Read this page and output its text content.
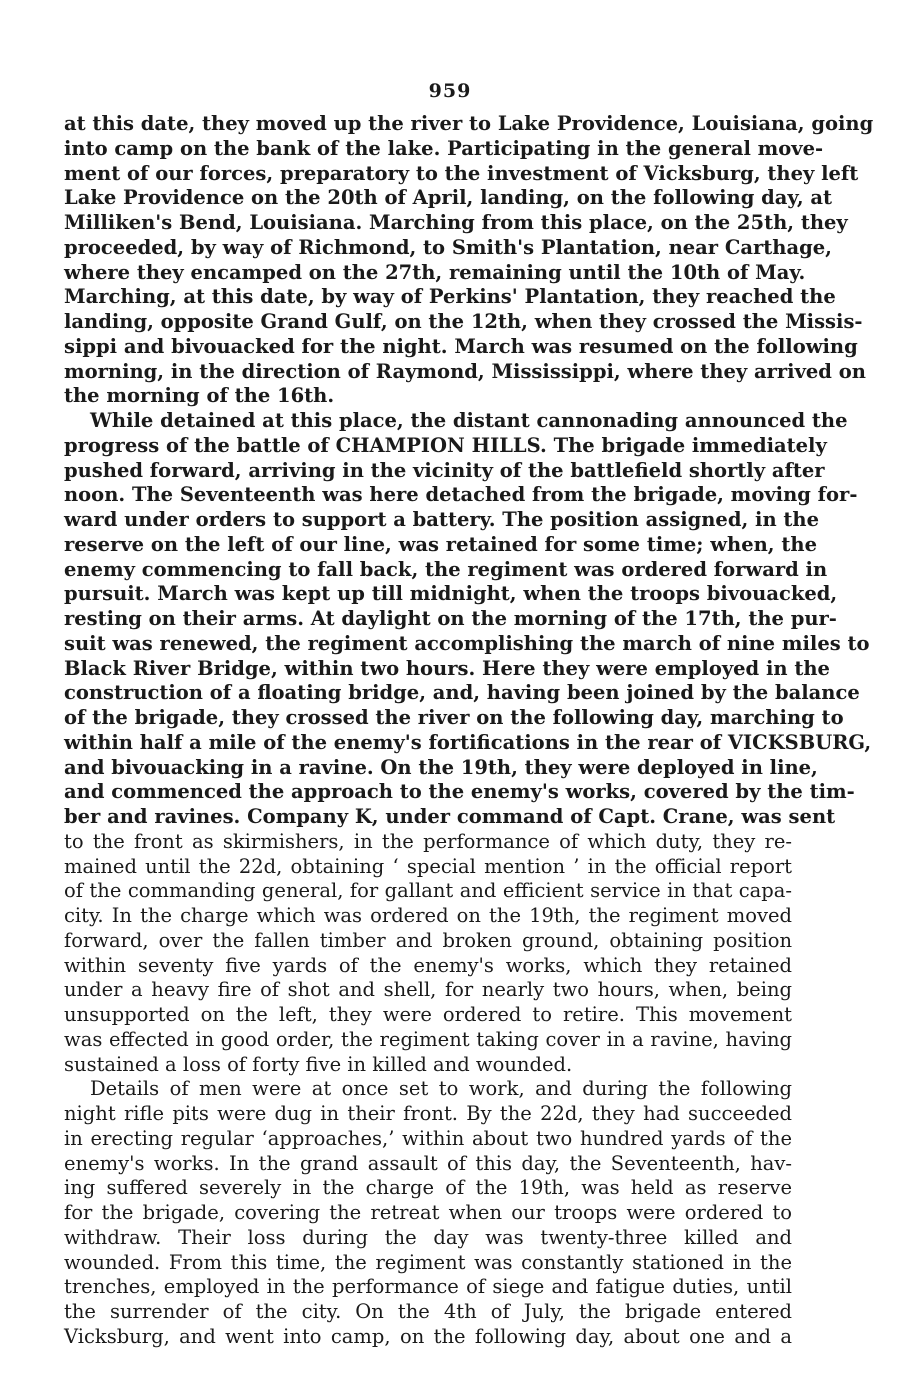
959
at this date, they moved up the river to Lake Providence, Louisiana, going
into camp on the bank of the lake. Participating in the general move-
ment of our forces, preparatory to the investment of Vicksburg, they left
Lake Providence on the 20th of April, landing, on the following day, at
Milliken's Bend, Louisiana. Marching from this place, on the 25th, they
proceeded, by way of Richmond, to Smith's Plantation, near Carthage,
where they encamped on the 27th, remaining until the 10th of May.
Marching, at this date, by way of Perkins' Plantation, they reached the
landing, opposite Grand Gulf, on the 12th, when they crossed the Missis-
sippi and bivouacked for the night. March was resumed on the following
morning, in the direction of Raymond, Mississippi, where they arrived on
the morning of the 16th.
While detained at this place, the distant cannonading announced the
progress of the battle of CHAMPION HILLS. The brigade immediately
pushed forward, arriving in the vicinity of the battlefield shortly after
noon. The Seventeenth was here detached from the brigade, moving for-
ward under orders to support a battery. The position assigned, in the
reserve on the left of our line, was retained for some time; when, the
enemy commencing to fall back, the regiment was ordered forward in
pursuit. March was kept up till midnight, when the troops bivouacked,
resting on their arms. At daylight on the morning of the 17th, the pur-
suit was renewed, the regiment accomplishing the march of nine miles to
Black River Bridge, within two hours. Here they were employed in the
construction of a floating bridge, and, having been joined by the balance
of the brigade, they crossed the river on the following day, marching to
within half a mile of the enemy's fortifications in the rear of VICKSBURG,
and bivouacking in a ravine. On the 19th, they were deployed in line,
and commenced the approach to the enemy's works, covered by the tim-
ber and ravines. Company K, under command of Capt. Crane, was sent
to the front as skirmishers, in the performance of which duty, they re-
mained until the 22d, obtaining ‘ special mention ’ in the official report
of the commanding general, for gallant and efficient service in that capa-
city. In the charge which was ordered on the 19th, the regiment moved
forward, over the fallen timber and broken ground, obtaining position
within seventy five yards of the enemy's works, which they retained
under a heavy fire of shot and shell, for nearly two hours, when, being
unsupported on the left, they were ordered to retire. This movement
was effected in good order, the regiment taking cover in a ravine, having
sustained a loss of forty five in killed and wounded.
Details of men were at once set to work, and during the following
night rifle pits were dug in their front. By the 22d, they had succeeded
in erecting regular ‘approaches,’ within about two hundred yards of the
enemy's works. In the grand assault of this day, the Seventeenth, hav-
ing suffered severely in the charge of the 19th, was held as reserve
for the brigade, covering the retreat when our troops were ordered to
withdraw. Their loss during the day was twenty-three killed and
wounded. From this time, the regiment was constantly stationed in the
trenches, employed in the performance of siege and fatigue duties, until
the surrender of the city. On the 4th of July, the brigade entered
Vicksburg, and went into camp, on the following day, about one and a
